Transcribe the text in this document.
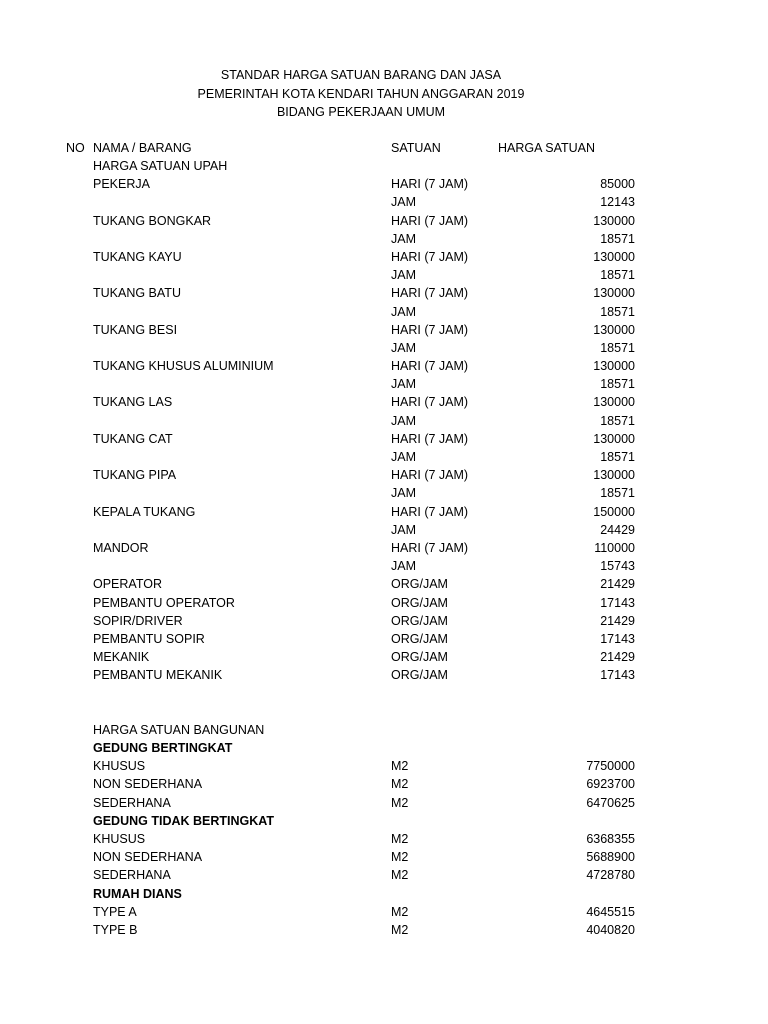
STANDAR HARGA SATUAN BARANG DAN JASA
PEMERINTAH KOTA KENDARI TAHUN ANGGARAN 2019
BIDANG PEKERJAAN UMUM
NO NAMA / BARANG	SATUAN	HARGA SATUAN
HARGA SATUAN UPAH
PEKERJA	HARI (7 JAM)	85000
JAM	12143
TUKANG BONGKAR	HARI (7 JAM)	130000
JAM	18571
TUKANG KAYU	HARI (7 JAM)	130000
JAM	18571
TUKANG BATU	HARI (7 JAM)	130000
JAM	18571
TUKANG BESI	HARI (7 JAM)	130000
JAM	18571
TUKANG KHUSUS ALUMINIUM	HARI (7 JAM)	130000
JAM	18571
TUKANG LAS	HARI (7 JAM)	130000
JAM	18571
TUKANG CAT	HARI (7 JAM)	130000
JAM	18571
TUKANG PIPA	HARI (7 JAM)	130000
JAM	18571
KEPALA TUKANG	HARI (7 JAM)	150000
JAM	24429
MANDOR	HARI (7 JAM)	110000
JAM	15743
OPERATOR	ORG/JAM	21429
PEMBANTU OPERATOR	ORG/JAM	17143
SOPIR/DRIVER	ORG/JAM	21429
PEMBANTU SOPIR	ORG/JAM	17143
MEKANIK	ORG/JAM	21429
PEMBANTU MEKANIK	ORG/JAM	17143
HARGA SATUAN BANGUNAN
GEDUNG BERTINGKAT
KHUSUS	M2	7750000
NON SEDERHANA	M2	6923700
SEDERHANA	M2	6470625
GEDUNG TIDAK BERTINGKAT
KHUSUS	M2	6368355
NON SEDERHANA	M2	5688900
SEDERHANA	M2	4728780
RUMAH DIANS
TYPE A	M2	4645515
TYPE B	M2	4040820
